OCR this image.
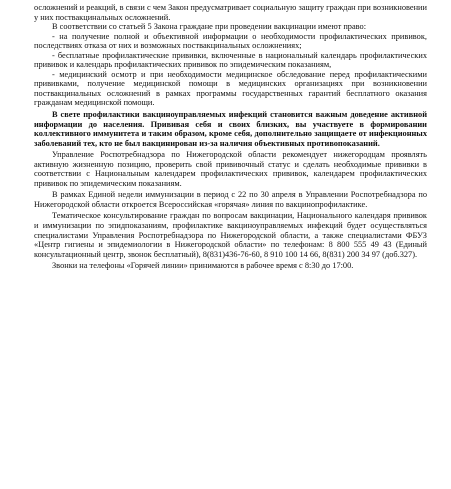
осложнений и реакций, в связи с чем Закон предусматривает социальную защиту граждан при возникновении у них поствакцинальных осложнений.

В соответствии со статьей 5 Закона граждане при проведении вакцинации имеют право:

- на получение полной и объективной информации о необходимости профилактических прививок, последствиях отказа от них и возможных поствакцинальных осложнениях;

- бесплатные профилактические прививки, включенные в национальный календарь профилактических прививок и календарь профилактических прививок по эпидемическим показаниям,

- медицинский осмотр и при необходимости медицинское обследование перед профилактическими прививками, получение медицинской помощи в медицинских организациях при возникновении поствакцинальных осложнений в рамках программы государственных гарантий бесплатного оказания гражданам медицинской помощи.

В свете профилактики вакциноуправляемых инфекций становится важным доведение активной информации до населения. Прививая себя и своих близких, вы участвуете в формировании коллективного иммунитета и таким образом, кроме себя, дополнительно защищаете от инфекционных заболеваний тех, кто не был вакцинирован из-за наличия объективных противопоказаний.

Управление Роспотребнадзора по Нижегородской области рекомендует нижегородцам проявлять активную жизненную позицию, проверить свой прививочный статус и сделать необходимые прививки в соответствии с Национальным календарем профилактических прививок, календарем профилактических прививок по эпидемическим показаниям.

В рамках Единой недели иммунизации в период с 22 по 30 апреля в Управлении Роспотребнадзора по Нижегородской области откроется Всероссийская «горячая» линия по вакцинопрофилактике.

Тематическое консультирование граждан по вопросам вакцинации, Национального календаря прививок и иммунизации по эпидпоказаниям, профилактике вакциноуправляемых инфекций будет осуществляться специалистами Управления Роспотребнадзора по Нижегородской области, а также специалистами ФБУЗ «Центр гигиены и эпидемиологии в Нижегородской области» по телефонам: 8 800 555 49 43 (Единый консультационный центр, звонок бесплатный), 8(831)436-76-60, 8 910 100 14 66, 8(831) 200 34 97 (доб.327).

Звонки на телефоны «Горячей линии» принимаются в рабочее время с 8:30 до 17:00.
